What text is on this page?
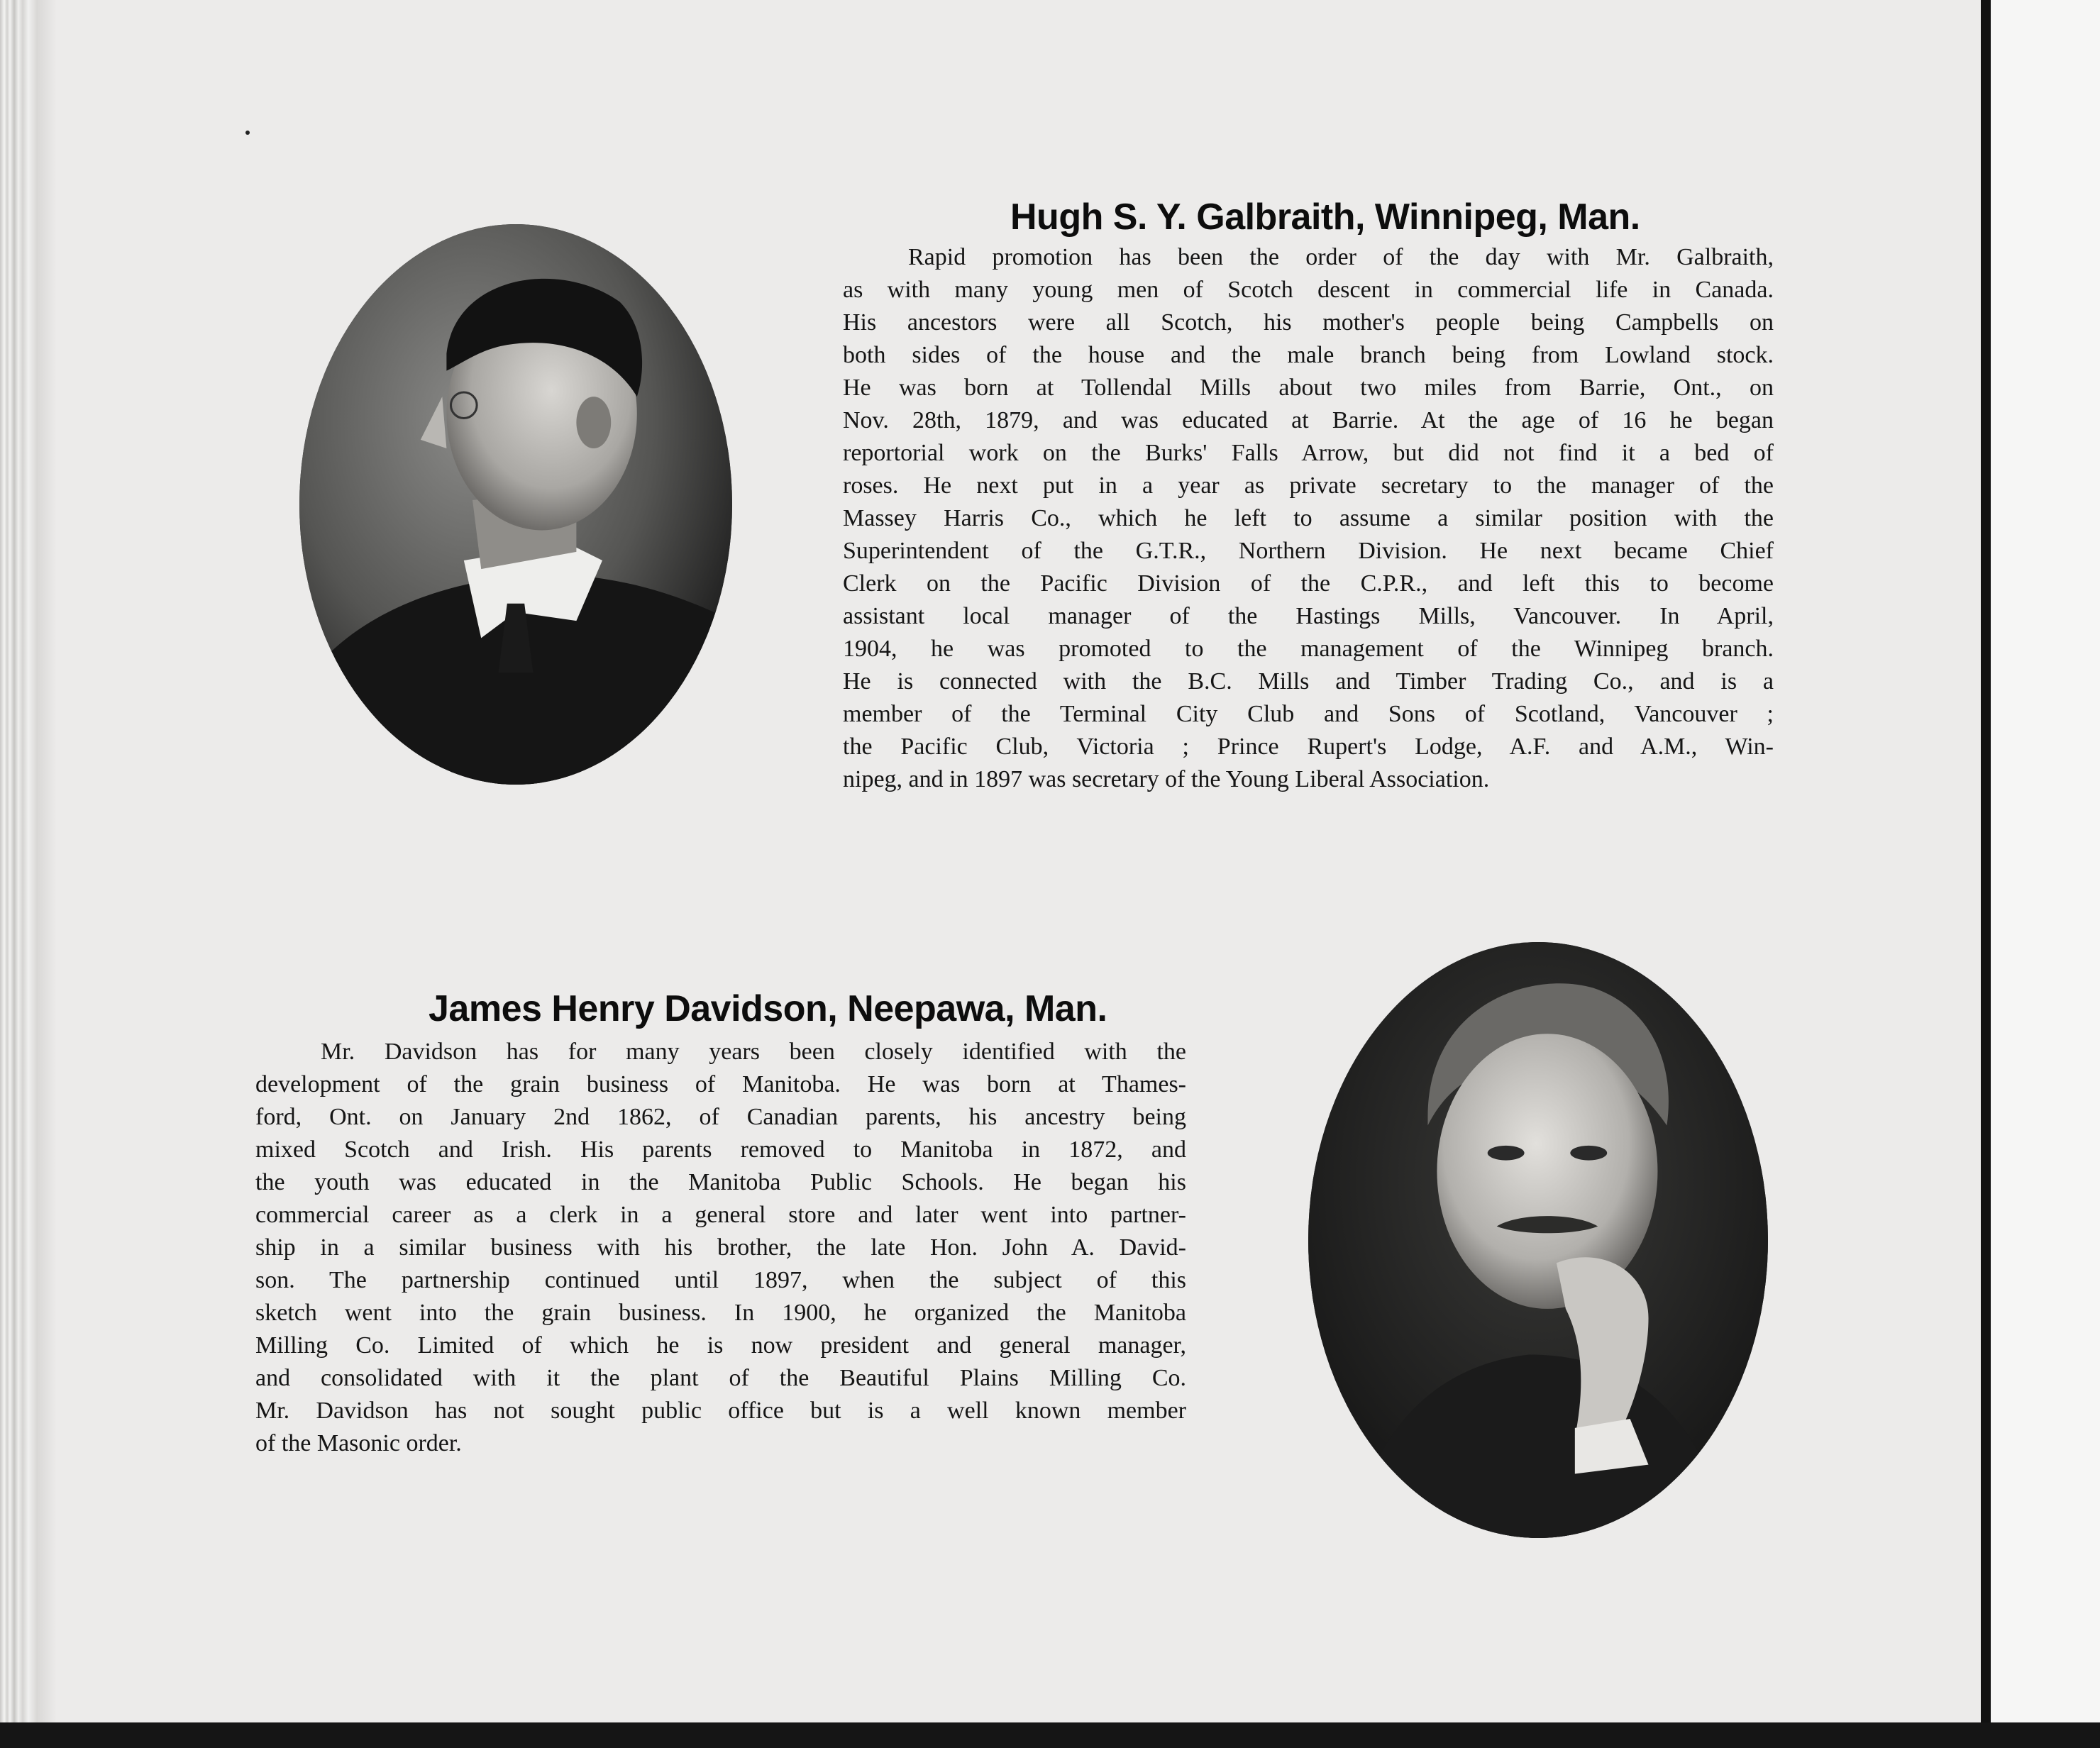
Hugh S. Y. Galbraith, Winnipeg, Man.
Rapid promotion has been the order of the day with Mr. Galbraith,
as with many young men of Scotch descent in commercial life in Canada.
His ancestors were all Scotch, his mother's people being Campbells on
both sides of the house and the male branch being from Lowland stock.
He was born at Tollendal Mills about two miles from Barrie, Ont., on
Nov. 28th, 1879, and was educated at Barrie. At the age of 16 he began
reportorial work on the Burks' Falls Arrow, but did not find it a bed of
roses. He next put in a year as private secretary to the manager of the
Massey Harris Co., which he left to assume a similar position with the
Superintendent of the G.T.R., Northern Division. He next became Chief
Clerk on the Pacific Division of the C.P.R., and left this to become
assistant local manager of the Hastings Mills, Vancouver. In April,
1904, he was promoted to the management of the Winnipeg branch.
He is connected with the B.C. Mills and Timber Trading Co., and is a
member of the Terminal City Club and Sons of Scotland, Vancouver ;
the Pacific Club, Victoria ; Prince Rupert's Lodge, A.F. and A.M., Win-
nipeg, and in 1897 was secretary of the Young Liberal Association.
James Henry Davidson, Neepawa, Man.
Mr. Davidson has for many years been closely identified with the
development of the grain business of Manitoba. He was born at Thames-
ford, Ont. on January 2nd 1862, of Canadian parents, his ancestry being
mixed Scotch and Irish. His parents removed to Manitoba in 1872, and
the youth was educated in the Manitoba Public Schools. He began his
commercial career as a clerk in a general store and later went into partner-
ship in a similar business with his brother, the late Hon. John A. David-
son. The partnership continued until 1897, when the subject of this
sketch went into the grain business. In 1900, he organized the Manitoba
Milling Co. Limited of which he is now president and general manager,
and consolidated with it the plant of the Beautiful Plains Milling Co.
Mr. Davidson has not sought public office but is a well known member
of the Masonic order.
